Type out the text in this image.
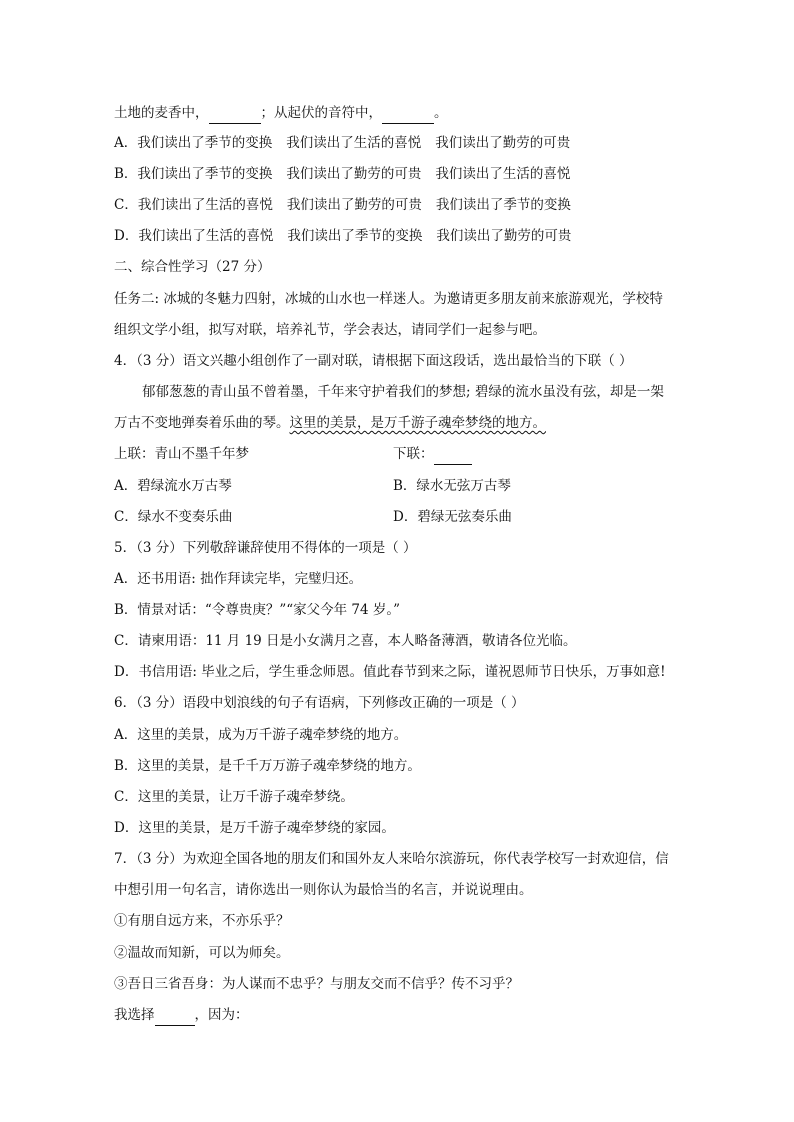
土地的麦香中，	；从起伏的音符中，	。
A．我们读出了季节的变换 我们读出了生活的喜悦 我们读出了勤劳的可贵
B．我们读出了季节的变换 我们读出了勤劳的可贵 我们读出了生活的喜悦
C．我们读出了生活的喜悦 我们读出了勤劳的可贵 我们读出了季节的变换
D．我们读出了生活的喜悦 我们读出了季节的变换 我们读出了勤劳的可贵
二、综合性学习（27 分）
任务二: 冰城的冬魅力四射，冰城的山水也一样迷人。为邀请更多朋友前来旅游观光，学校特
组织文学小组，拟写对联，培养礼节，学会表达，请同学们一起参与吧。
4．（3 分）语文兴趣小组创作了一副对联，请根据下面这段话，选出最恰当的下联（ ）
郁郁葱葱的青山虽不曾着墨，千年来守护着我们的梦想; 碧绿的流水虽没有弦，却是一架
万古不变地弹奏着乐曲的琴。这里的美景，是万千游子魂牵梦绕的地方。
上联：青山不墨千年梦	下联：
A．碧绿流水万古琴	B．绿水无弦万古琴
C．绿水不变奏乐曲	D．碧绿无弦奏乐曲
5．（3 分）下列敬辞谦辞使用不得体的一项是（ ）
A．还书用语: 拙作拜读完毕，完璧归还。
B．情景对话：“令尊贵庚？”“家父今年 74 岁。”
C．请柬用语：11 月 19 日是小女满月之喜，本人略备薄酒，敬请各位光临。
D．书信用语: 毕业之后，学生垂念师恩。值此春节到来之际，谨祝恩师节日快乐，万事如意!
6．（3 分）语段中划浪线的句子有语病，下列修改正确的一项是（ ）
A．这里的美景，成为万千游子魂牵梦绕的地方。
B．这里的美景，是千千万万游子魂牵梦绕的地方。
C．这里的美景，让万千游子魂牵梦绕。
D．这里的美景，是万千游子魂牵梦绕的家园。
7．（3 分）为欢迎全国各地的朋友们和国外友人来哈尔滨游玩，你代表学校写一封欢迎信，信
中想引用一句名言，请你选出一则你认为最恰当的名言，并说说理由。
①有朋自远方来，不亦乐乎？
②温故而知新，可以为师矣。
③吾日三省吾身：为人谋而不忠乎？与朋友交而不信乎？传不习乎？
我选择	，因为：
